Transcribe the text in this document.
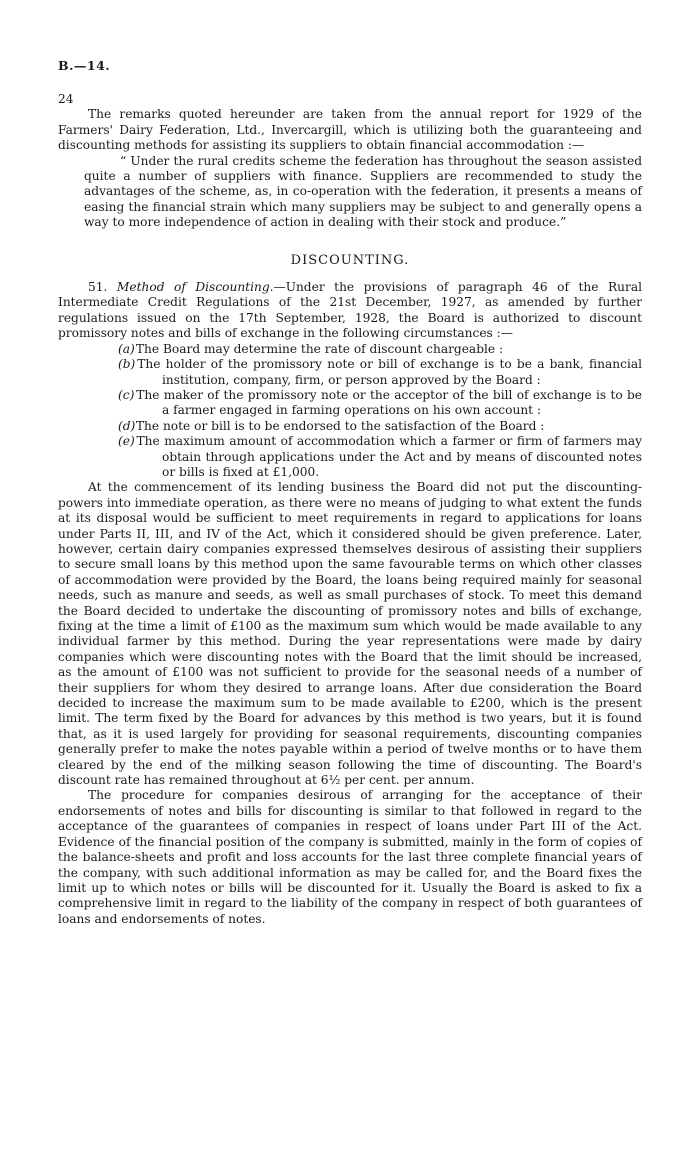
B.—14.
24

The remarks quoted hereunder are taken from the annual report for 1929 of the Farmers' Dairy Federation, Ltd., Invercargill, which is utilizing both the guaranteeing and discounting methods for assisting its suppliers to obtain financial accommodation :—

“ Under the rural credits scheme the federation has throughout the season assisted quite a number of suppliers with finance. Suppliers are recommended to study the advantages of the scheme, as, in co-operation with the federation, it presents a means of easing the financial strain which many suppliers may be subject to and generally opens a way to more independence of action in dealing with their stock and produce.”

DISCOUNTING.

51. Method of Discounting.—Under the provisions of paragraph 46 of the Rural Intermediate Credit Regulations of the 21st December, 1927, as amended by further regulations issued on the 17th September, 1928, the Board is authorized to discount promissory notes and bills of exchange in the following circumstances :—

(a) The Board may determine the rate of discount chargeable :
(b) The holder of the promissory note or bill of exchange is to be a bank, financial institution, company, firm, or person approved by the Board :
(c) The maker of the promissory note or the acceptor of the bill of exchange is to be a farmer engaged in farming operations on his own account :
(d) The note or bill is to be endorsed to the satisfaction of the Board :
(e) The maximum amount of accommodation which a farmer or firm of farmers may obtain through applications under the Act and by means of discounted notes or bills is fixed at £1,000.

At the commencement of its lending business the Board did not put the discounting-powers into immediate operation, as there were no means of judging to what extent the funds at its disposal would be sufficient to meet requirements in regard to applications for loans under Parts II, III, and IV of the Act, which it considered should be given preference. Later, however, certain dairy companies expressed themselves desirous of assisting their suppliers to secure small loans by this method upon the same favourable terms on which other classes of accommodation were provided by the Board, the loans being required mainly for seasonal needs, such as manure and seeds, as well as small purchases of stock. To meet this demand the Board decided to undertake the discounting of promissory notes and bills of exchange, fixing at the time a limit of £100 as the maximum sum which would be made available to any individual farmer by this method. During the year representations were made by dairy companies which were discounting notes with the Board that the limit should be increased, as the amount of £100 was not sufficient to provide for the seasonal needs of a number of their suppliers for whom they desired to arrange loans. After due consideration the Board decided to increase the maximum sum to be made available to £200, which is the present limit. The term fixed by the Board for advances by this method is two years, but it is found that, as it is used largely for providing for seasonal requirements, discounting companies generally prefer to make the notes payable within a period of twelve months or to have them cleared by the end of the milking season following the time of discounting. The Board's discount rate has remained throughout at 6½ per cent. per annum.

The procedure for companies desirous of arranging for the acceptance of their endorsements of notes and bills for discounting is similar to that followed in regard to the acceptance of the guarantees of companies in respect of loans under Part III of the Act. Evidence of the financial position of the company is submitted, mainly in the form of copies of the balance-sheets and profit and loss accounts for the last three complete financial years of the company, with such additional information as may be called for, and the Board fixes the limit up to which notes or bills will be discounted for it. Usually the Board is asked to fix a comprehensive limit in regard to the liability of the company in respect of both guarantees of loans and endorsements of notes.
